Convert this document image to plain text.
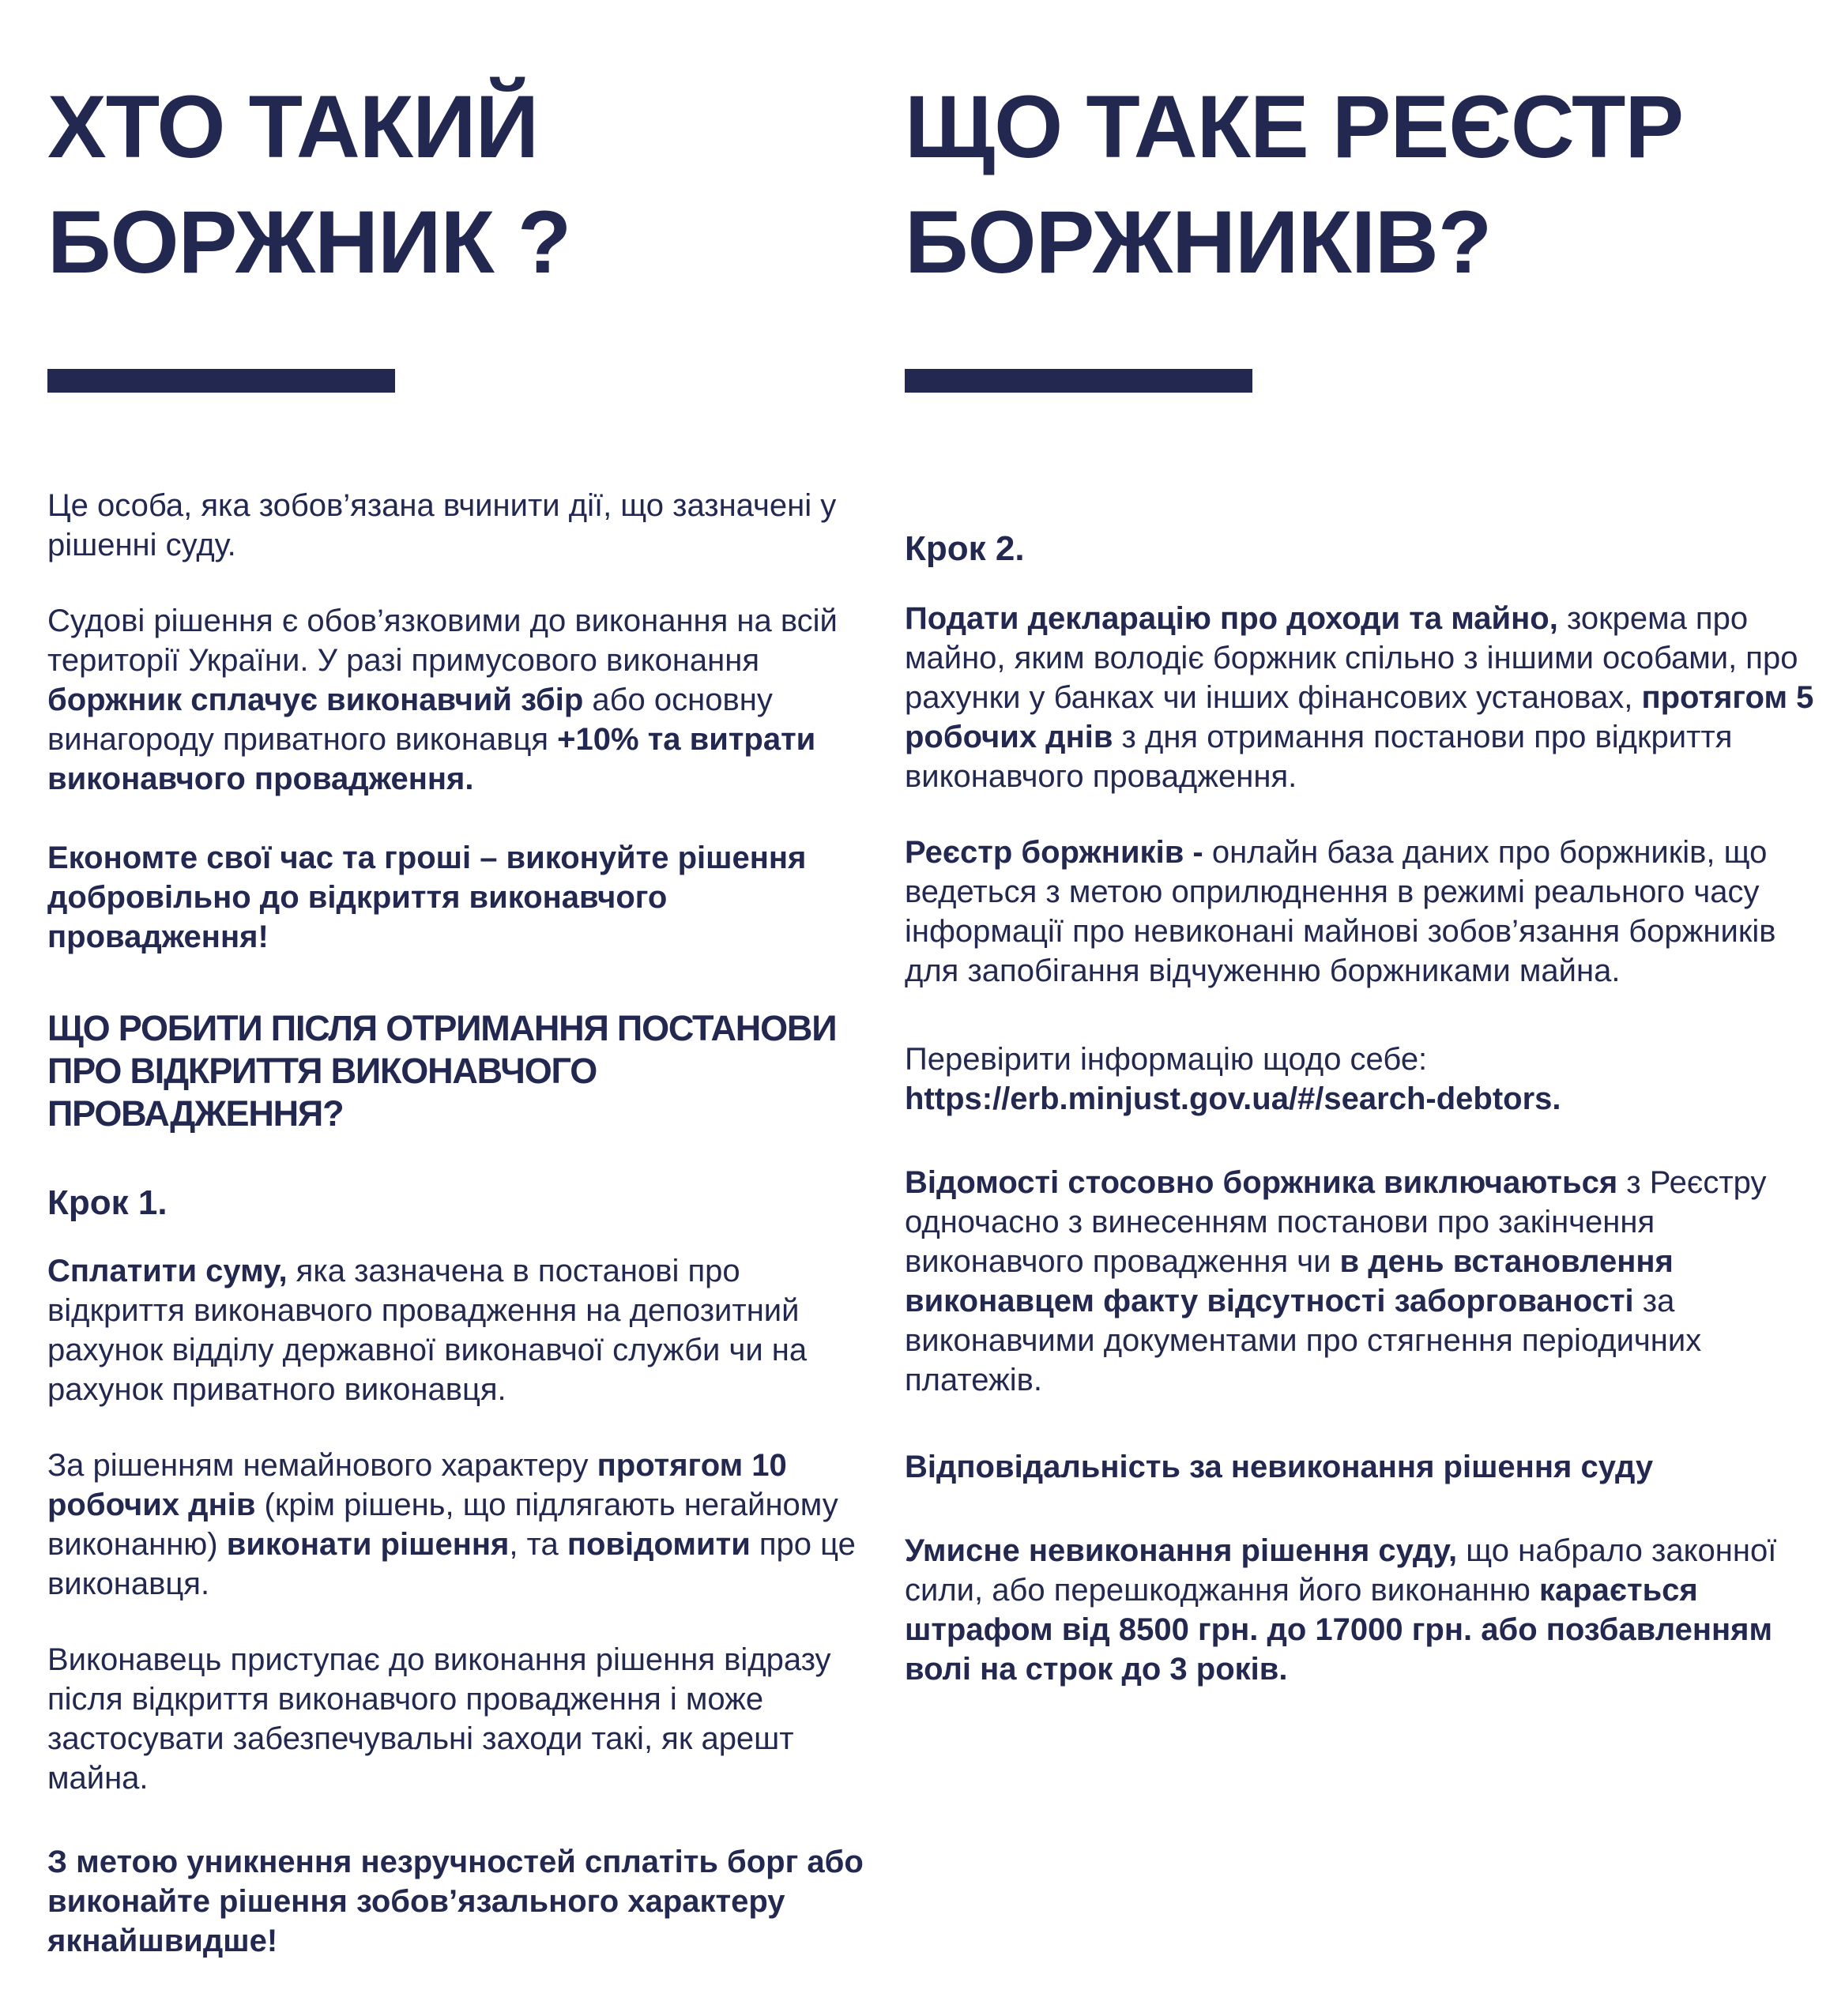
ХТО ТАКИЙ
БОРЖНИК ?

Це особа, яка зобов’язана вчинити дії, що зазначені у рішенні суду.

Судові рішення є обов’язковими до виконання на всій території України. У разі примусового виконання боржник сплачує виконавчий збір або основну винагороду приватного виконавця +10% та витрати виконавчого провадження.

Економте свої час та гроші – виконуйте рішення добровільно до відкриття виконавчого провадження!

ЩО РОБИТИ ПІСЛЯ ОТРИМАННЯ ПОСТАНОВИ ПРО ВІДКРИТТЯ ВИКОНАВЧОГО ПРОВАДЖЕННЯ?

Крок 1.

Сплатити суму, яка зазначена в постанові про відкриття виконавчого провадження на депозитний рахунок відділу державної виконавчої служби чи на рахунок приватного виконавця.

За рішенням немайнового характеру протягом 10 робочих днів (крім рішень, що підлягають негайному виконанню) виконати рішення, та повідомити про це виконавця.

Виконавець приступає до виконання рішення відразу після відкриття виконавчого провадження і може застосувати забезпечувальні заходи такі, як арешт майна.

З метою уникнення незручностей сплатіть борг або виконайте рішення зобов’язального характеру якнайшвидше!

ЩО ТАКЕ РЕЄСТР
БОРЖНИКІВ?

Крок 2.

Подати декларацію про доходи та майно, зокрема про майно, яким володіє боржник спільно з іншими особами, про рахунки у банках чи інших фінансових установах, протягом 5 робочих днів з дня отримання постанови про відкриття виконавчого провадження.

Реєстр боржників - онлайн база даних про боржників, що ведеться з метою оприлюднення в режимі реального часу інформації про невиконані майнові зобов’язання боржників для запобігання відчуженню боржниками майна.

Перевірити інформацію щодо себе:
https://erb.minjust.gov.ua/#/search-debtors.

Відомості стосовно боржника виключаються з Реєстру одночасно з винесенням постанови про закінчення виконавчого провадження чи в день встановлення виконавцем факту відсутності заборгованості за виконавчими документами про стягнення періодичних платежів.

Відповідальність за невиконання рішення суду

Умисне невиконання рішення суду, що набрало законної сили, або перешкоджання його виконанню карається штрафом від 8500 грн. до 17000 грн. або позбавленням волі на строк до 3 років.
